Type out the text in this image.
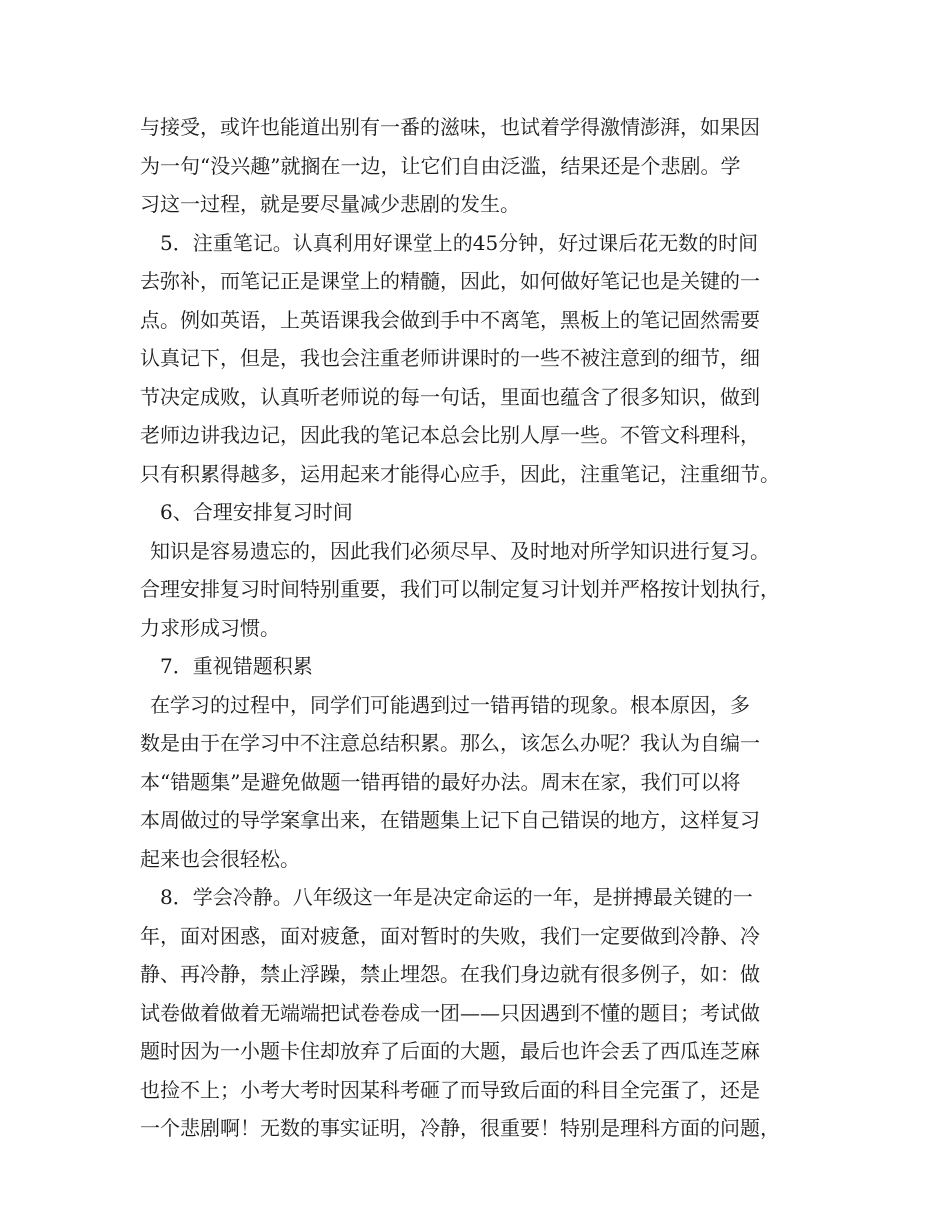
与接受，或许也能道出别有一番的滋味，也试着学得激情澎湃，如果因
为一句“没兴趣”就搁在一边，让它们自由泛滥，结果还是个悲剧。学
习这一过程，就是要尽量减少悲剧的发生。
5．注重笔记。认真利用好课堂上的45分钟，好过课后花无数的时间
去弥补，而笔记正是课堂上的精髓，因此，如何做好笔记也是关键的一
点。例如英语，上英语课我会做到手中不离笔，黑板上的笔记固然需要
认真记下，但是，我也会注重老师讲课时的一些不被注意到的细节，细
节决定成败，认真听老师说的每一句话，里面也蕴含了很多知识，做到
老师边讲我边记，因此我的笔记本总会比别人厚一些。不管文科理科，
只有积累得越多，运用起来才能得心应手，因此，注重笔记，注重细节。
6、合理安排复习时间
知识是容易遗忘的，因此我们必须尽早、及时地对所学知识进行复习。
合理安排复习时间特别重要，我们可以制定复习计划并严格按计划执行，
力求形成习惯。
7．重视错题积累
在学习的过程中，同学们可能遇到过一错再错的现象。根本原因，多
数是由于在学习中不注意总结积累。那么，该怎么办呢？我认为自编一
本“错题集”是避免做题一错再错的最好办法。周末在家，我们可以将
本周做过的导学案拿出来，在错题集上记下自己错误的地方，这样复习
起来也会很轻松。
8．学会冷静。八年级这一年是决定命运的一年，是拼搏最关键的一
年，面对困惑，面对疲惫，面对暂时的失败，我们一定要做到冷静、冷
静、再冷静，禁止浮躁，禁止埋怨。在我们身边就有很多例子，如：做
试卷做着做着无端端把试卷卷成一团——只因遇到不懂的题目；考试做
题时因为一小题卡住却放弃了后面的大题，最后也许会丢了西瓜连芝麻
也捡不上；小考大考时因某科考砸了而导致后面的科目全完蛋了，还是
一个悲剧啊！无数的事实证明，冷静，很重要！特别是理科方面的问题，
